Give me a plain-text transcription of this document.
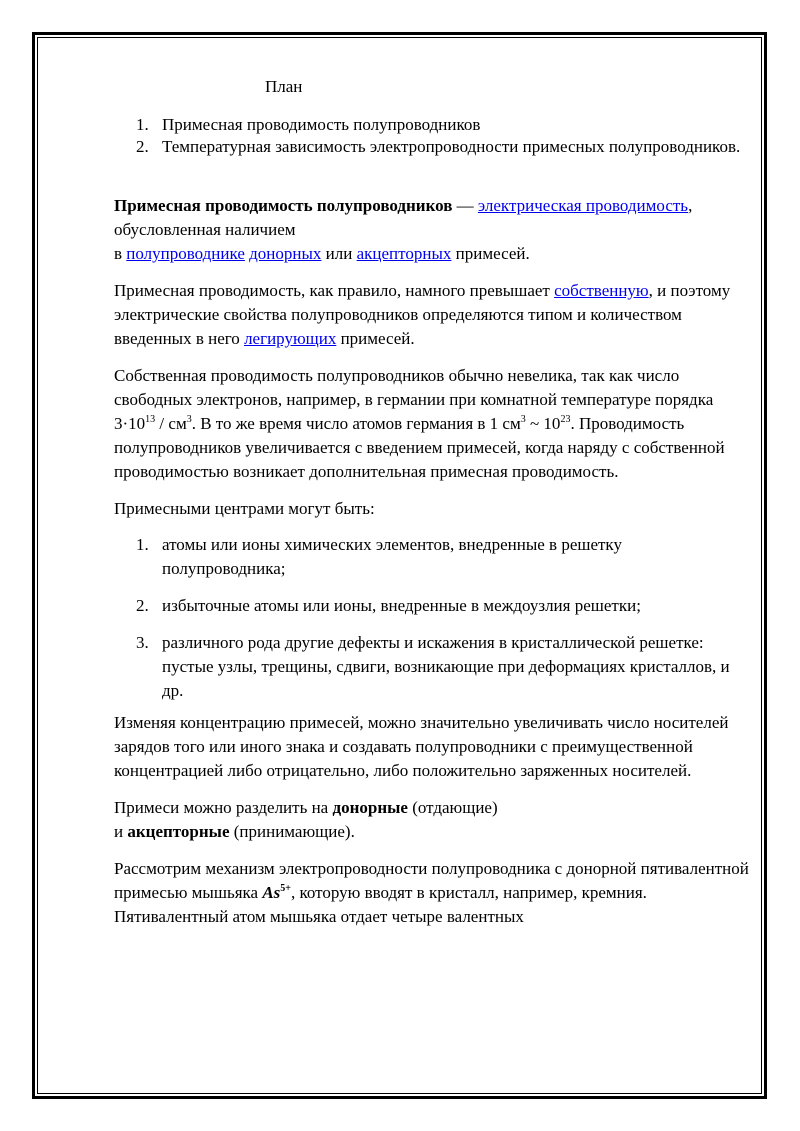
План
1. Примесная проводимость полупроводников
2. Температурная зависимость электропроводности примесных полупроводников.

Примесная проводимость полупроводников — электрическая проводимость, обусловленная наличием
в полупроводнике донорных или акцепторных примесей.

Примесная проводимость, как правило, намного превышает собственную, и поэтому электрические свойства полупроводников определяются типом и количеством введенных в него легирующих примесей.

Собственная проводимость полупроводников обычно невелика, так как число свободных электронов, например, в германии при комнатной температуре порядка $3\cdot 10^{13} / см^3$. В то же время число атомов германия в 1 $см^3$ ~ $10^{23}$. Проводимость полупроводников увеличивается с введением примесей, когда наряду с собственной проводимостью возникает дополнительная примесная проводимость.

Примесными центрами могут быть:

1. атомы или ионы химических элементов, внедренные в решетку полупроводника;
2. избыточные атомы или ионы, внедренные в междоузлия решетки;
3. различного рода другие дефекты и искажения в кристаллической решетке: пустые узлы, трещины, сдвиги, возникающие при деформациях кристаллов, и др.

Изменяя концентрацию примесей, можно значительно увеличивать число носителей зарядов того или иного знака и создавать полупроводники с преимущественной концентрацией либо отрицательно, либо положительно заряженных носителей.

Примеси можно разделить на донорные (отдающие)
и акцепторные (принимающие).

Рассмотрим механизм электропроводности полупроводника с донорной пятивалентной примесью мышьяка $As^{5+}$, которую вводят в кристалл, например, кремния. Пятивалентный атом мышьяка отдает четыре валентных
